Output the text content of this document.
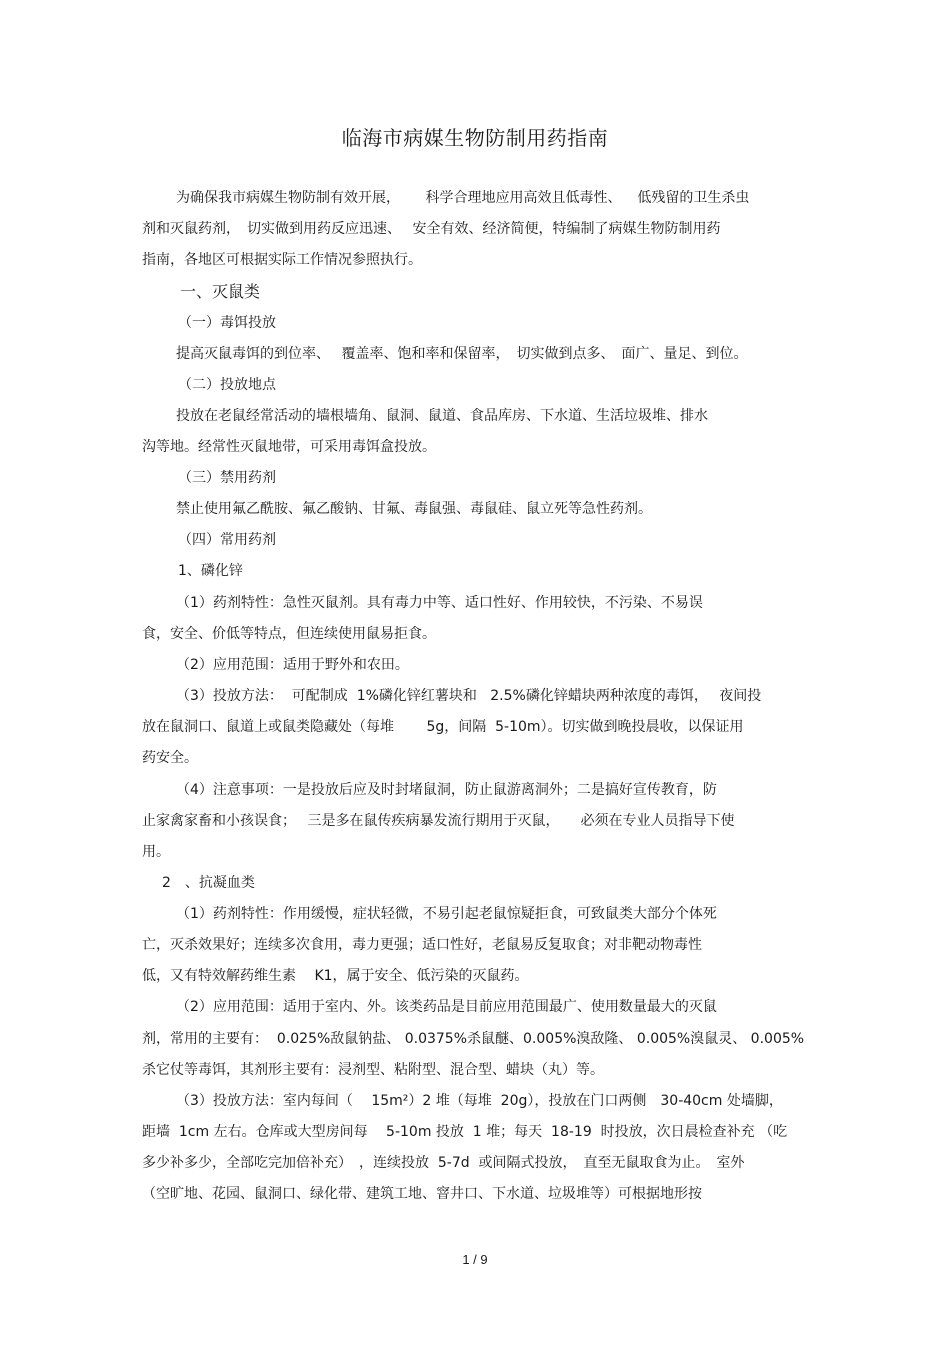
临海市病媒生物防制用药指南

为确保我市病媒生物防制有效开展，　　 科学合理地应用高效且低毒性、　  低残留的卫生杀虫

剂和灭鼠药剂，　切实做到用药反应迅速、　 安全有效、经济简便，特编制了病媒生物防制用药

指南，各地区可根据实际工作情况参照执行。

一、灭鼠类

（一）毒饵投放

提高灭鼠毒饵的到位率、　 覆盖率、饱和率和保留率，　切实做到点多、　面广、量足、到位。

（二）投放地点

投放在老鼠经常活动的墙根墙角、鼠洞、鼠道、食品库房、下水道、生活垃圾堆、排水

沟等地。经常性灭鼠地带，可采用毒饵盒投放。

（三）禁用药剂

禁止使用氟乙酰胺、氟乙酸钠、甘氟、毒鼠强、毒鼠硅、鼠立死等急性药剂。

（四）常用药剂

1、磷化锌

（1）药剂特性：急性灭鼠剂。具有毒力中等、适口性好、作用较快，不污染、不易误

食，安全、价低等特点，但连续使用鼠易拒食。

（2）应用范围：适用于野外和农田。

（3）投放方法：  可配制成  1%磷化锌红薯块和   2.5%磷化锌蜡块两种浓度的毒饵，　 夜间投

放在鼠洞口、鼠道上或鼠类隐藏处（每堆　　 5g，间隔  5-10m）。切实做到晚投晨收，以保证用

药安全。

（4）注意事项：一是投放后应及时封堵鼠洞，防止鼠游离洞外；二是搞好宣传教育，防

止家禽家畜和小孩误食；　 三是多在鼠传疾病暴发流行期用于灭鼠，　　必须在专业人员指导下使

用。

2　、抗凝血类

（1）药剂特性：作用缓慢，症状轻微，不易引起老鼠惊疑拒食，可致鼠类大部分个体死

亡，灭杀效果好；连续多次食用，毒力更强；适口性好，老鼠易反复取食；对非靶动物毒性

低，又有特效解药维生素　 K1，属于安全、低污染的灭鼠药。

（2）应用范围：适用于室内、外。该类药品是目前应用范围最广、使用数量最大的灭鼠

剂，常用的主要有：  0.025%敌鼠钠盐、 0.0375%杀鼠醚、0.005%溴敌隆、 0.005%溴鼠灵、 0.005%

杀它仗等毒饵，其剂形主要有：浸剂型、粘附型、混合型、蜡块（丸）等。

（3）投放方法：室内每间（　 15m²）2 堆（每堆  20g），投放在门口两侧　30-40cm 处墙脚，

距墙  1cm 左右。仓库或大型房间每　 5-10m 投放  1 堆；每天  18-19  时投放，次日晨检查补充 （吃

多少补多少，全部吃完加倍补充）　，连续投放  5-7d  或间隔式投放，　直至无鼠取食为止。　室外

（空旷地、花园、鼠洞口、绿化带、建筑工地、窨井口、下水道、垃圾堆等）可根据地形按

1 / 9
